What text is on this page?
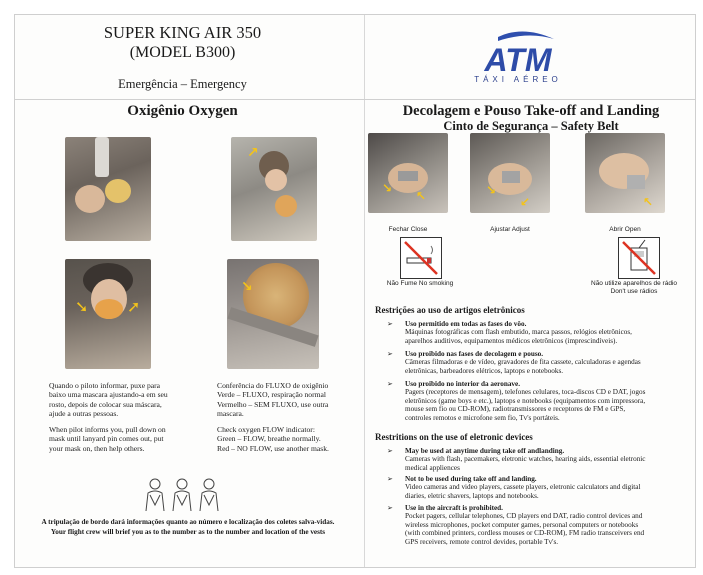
SUPER KING AIR 350
(MODEL B300)
Emergência – Emergency
ATM
TÁXI AÉREO
Oxigênio Oxygen
↗
➘ ➚
↘
Quando o piloto informar, puxe para
baixo uma mascara ajustando-a em seu
rosto, depois de colocar sua máscara,
ajude a outras pessoas.
When pilot informs you, pull down on
mask until lanyard pin comes out, put
your mask on, then help others.
Conferência do FLUXO de oxigênio
Verde – FLUXO, respiração normal
Vermelho – SEM FLUXO, use outra
mascara.
Check oxygen FLOW indicator:
Green – FLOW, breathe normally.
Red – NO FLOW, use another mask.
A tripulação de bordo dará informações quanto ao número e localização dos coletes salva-vidas.
Your flight crew will brief you as to the number as to the number and location of the vests
Decolagem e Pouso Take-off and Landing
Cinto de Segurança – Safety Belt
↘
↖	↘
↙	↖
Fechar Close	Ajustar Adjust	Abrir Open
Não Fume No smoking	Não utilize aparelhos de rádio
Don't use rádios
Restrições ao uso de artigos eletrônicos
➢ Uso permitido em todas as fases do vôo.
Máquinas fotográficas com flash embutido, marca passos, relógios eletrônicos,
aparelhos auditivos, equipamentos médicos eletrônicos (imprescindíveis).
➢ Uso proibido nas fases de decolagem e pouso.
Câmeras filmadoras e de vídeo, gravadores de fita cassete, calculadoras e agendas
eletrônicas, barbeadores elétricos, laptops e notebooks.
➢ Uso proibido no interior da aeronave.
Pagers (receptores de mensagem), telefones celulares, toca-discos CD e DAT, jogos
eletrônicos (game boys e etc.), laptops e notebooks (equipamentos com impressora,
mouse sem fio ou CD-ROM), radiotransmissores e receptores de FM e GPS,
controles remotos e microfone sem fio, Tv's portáteis.
Restritions on the use of eletronic devices
➢ May be used at anytime during take off andlanding.
Cameras with flash, pacemakers, eletronic watches, hearing aids, essential eletronic
medical appliences
➢ Not to be used during take off and landing.
Video cameras and video players, cassete players, eletronic calculators and digital
diaries, eletric shavers, laptops and notebooks.
➢ Use in the aircraft is prohibited.
Pocket pagers, cellular telephones, CD players end DAT, radio control devices and
wireless microphones, pocket computer games, personal computers or notebooks
(with combined printers, cordless mouses or CD-ROM), FM radio transceivers end
GPS receivers, remote control devides, portable Tv's.
